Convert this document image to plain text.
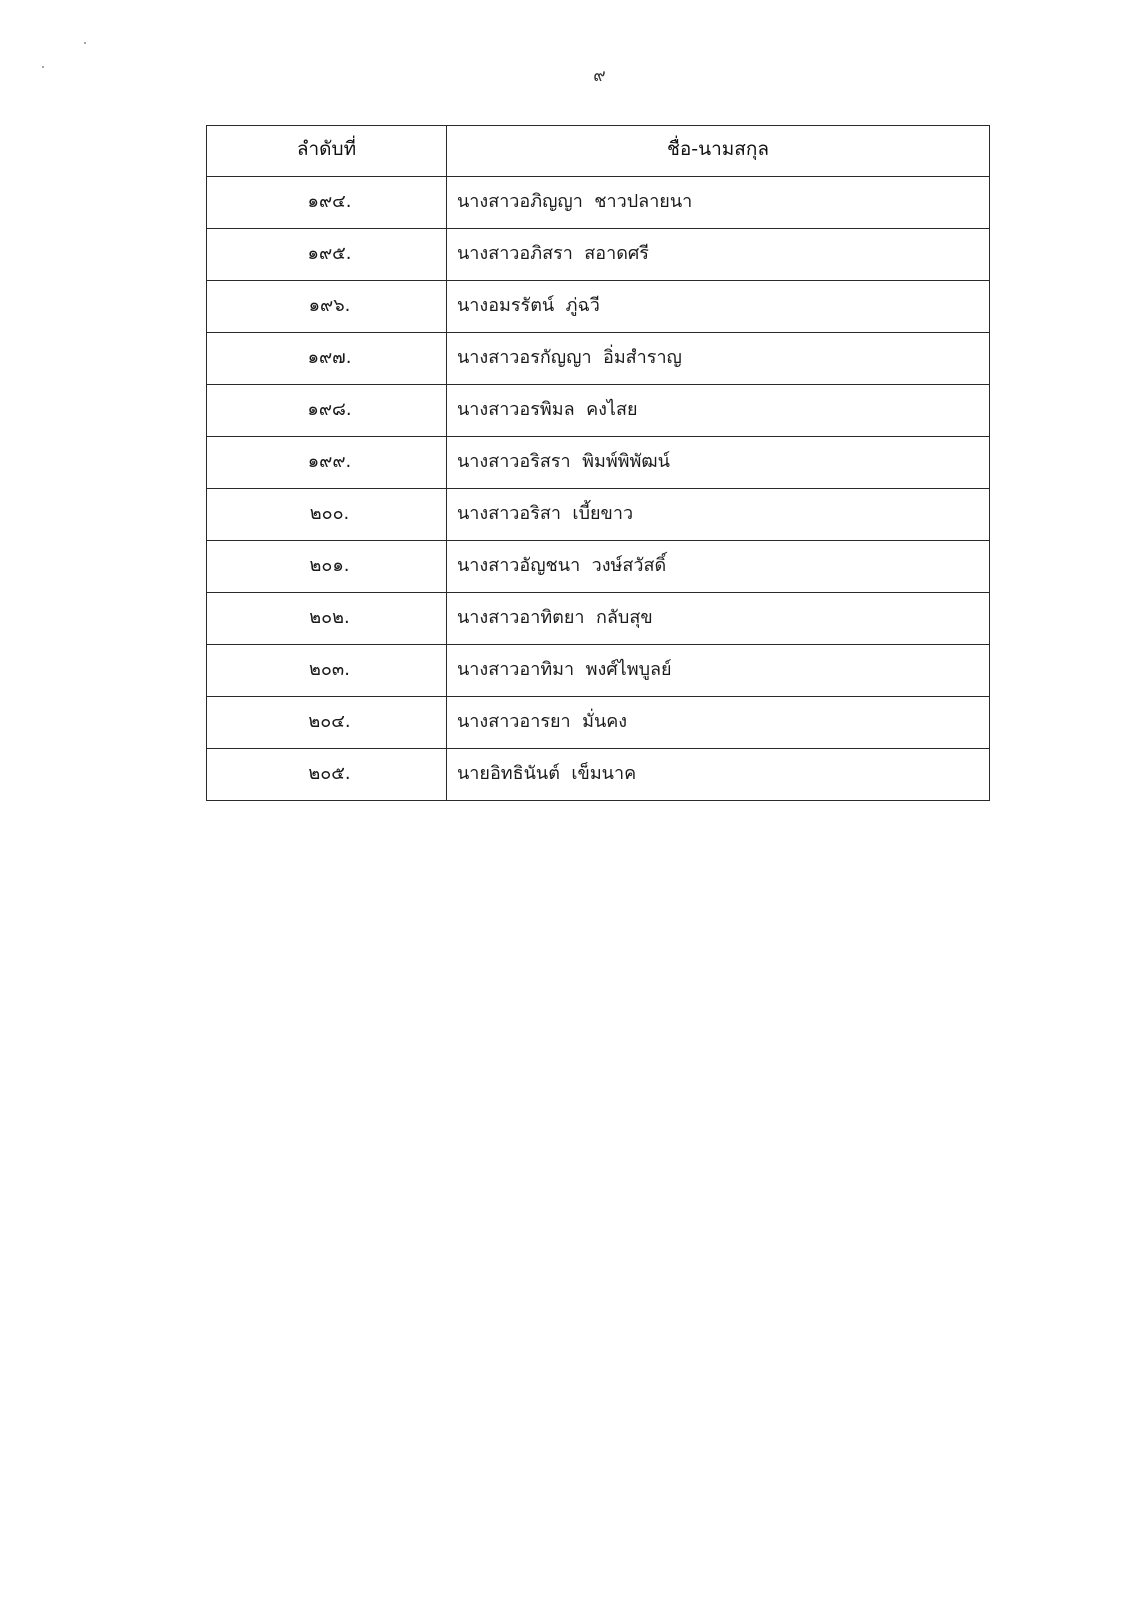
๙
ลำดับที่	ชื่อ-นามสกุล
๑๙๔.	นางสาวอภิญญา  ชาวปลายนา
๑๙๕.	นางสาวอภิสรา  สอาดศรี
๑๙๖.	นางอมรรัตน์  ภู่ฉวี
๑๙๗.	นางสาวอรกัญญา  อิ่มสำราญ
๑๙๘.	นางสาวอรพิมล  คงไสย
๑๙๙.	นางสาวอริสรา  พิมพ์พิพัฒน์
๒๐๐.	นางสาวอริสา  เบี้ยขาว
๒๐๑.	นางสาวอัญชนา  วงษ์สวัสดิ์
๒๐๒.	นางสาวอาทิตยา  กลับสุข
๒๐๓.	นางสาวอาทิมา  พงศ์ไพบูลย์
๒๐๔.	นางสาวอารยา  มั่นคง
๒๐๕.	นายอิทธินันต์  เข็มนาค
